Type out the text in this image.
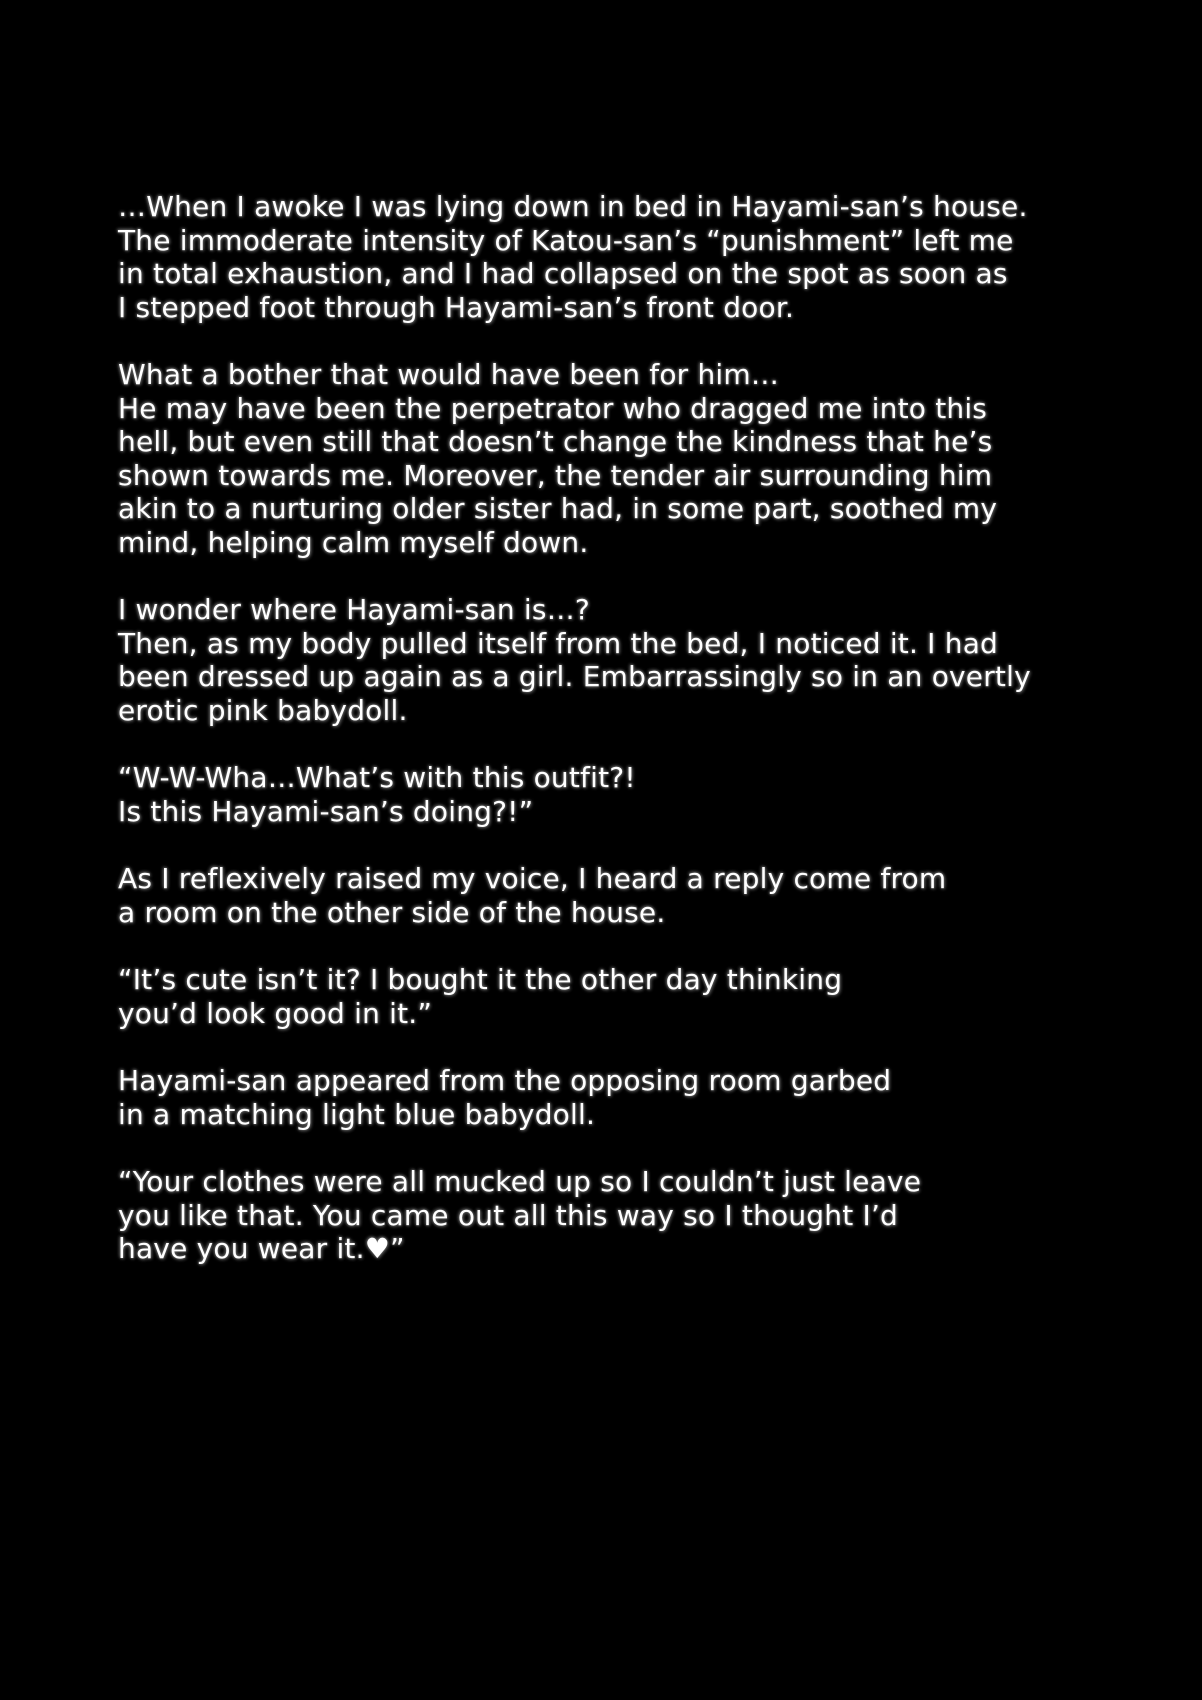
…When I awoke I was lying down in bed in Hayami-san’s house.
The immoderate intensity of Katou-san’s “punishment” left me
in total exhaustion, and I had collapsed on the spot as soon as
I stepped foot through Hayami-san’s front door.

What a bother that would have been for him…
He may have been the perpetrator who dragged me into this
hell, but even still that doesn’t change the kindness that he’s
shown towards me. Moreover, the tender air surrounding him
akin to a nurturing older sister had, in some part, soothed my
mind, helping calm myself down.

I wonder where Hayami-san is…?
Then, as my body pulled itself from the bed, I noticed it. I had
been dressed up again as a girl. Embarrassingly so in an overtly
erotic pink babydoll.

“W-W-Wha…What’s with this outfit?!
Is this Hayami-san’s doing?!”

As I reflexively raised my voice, I heard a reply come from
a room on the other side of the house.

“It’s cute isn’t it? I bought it the other day thinking
you’d look good in it.”

Hayami-san appeared from the opposing room garbed
in a matching light blue babydoll.

“Your clothes were all mucked up so I couldn’t just leave
you like that. You came out all this way so I thought I’d
have you wear it.♥”
